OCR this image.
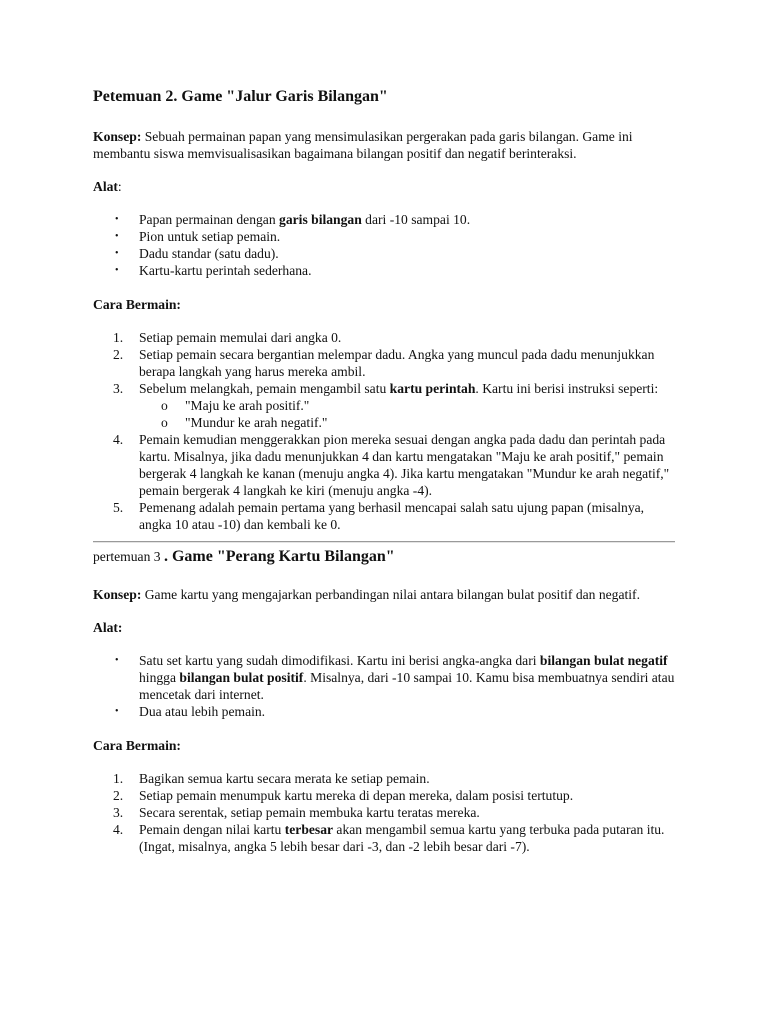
Petemuan 2. Game "Jalur Garis Bilangan"

Konsep: Sebuah permainan papan yang mensimulasikan pergerakan pada garis bilangan. Game ini membantu siswa memvisualisasikan bagaimana bilangan positif dan negatif berinteraksi.

Alat:

• Papan permainan dengan garis bilangan dari -10 sampai 10.
• Pion untuk setiap pemain.
• Dadu standar (satu dadu).
• Kartu-kartu perintah sederhana.

Cara Bermain:

1. Setiap pemain memulai dari angka 0.
2. Setiap pemain secara bergantian melempar dadu. Angka yang muncul pada dadu menunjukkan berapa langkah yang harus mereka ambil.
3. Sebelum melangkah, pemain mengambil satu kartu perintah. Kartu ini berisi instruksi seperti:
o "Maju ke arah positif."
o "Mundur ke arah negatif."
4. Pemain kemudian menggerakkan pion mereka sesuai dengan angka pada dadu dan perintah pada kartu. Misalnya, jika dadu menunjukkan 4 dan kartu mengatakan "Maju ke arah positif," pemain bergerak 4 langkah ke kanan (menuju angka 4). Jika kartu mengatakan "Mundur ke arah negatif," pemain bergerak 4 langkah ke kiri (menuju angka -4).
5. Pemenang adalah pemain pertama yang berhasil mencapai salah satu ujung papan (misalnya, angka 10 atau -10) dan kembali ke 0.
pertemuan 3 . Game "Perang Kartu Bilangan"

Konsep: Game kartu yang mengajarkan perbandingan nilai antara bilangan bulat positif dan negatif.

Alat:

• Satu set kartu yang sudah dimodifikasi. Kartu ini berisi angka-angka dari bilangan bulat negatif hingga bilangan bulat positif. Misalnya, dari -10 sampai 10. Kamu bisa membuatnya sendiri atau mencetak dari internet.
• Dua atau lebih pemain.

Cara Bermain:

1. Bagikan semua kartu secara merata ke setiap pemain.
2. Setiap pemain menumpuk kartu mereka di depan mereka, dalam posisi tertutup.
3. Secara serentak, setiap pemain membuka kartu teratas mereka.
4. Pemain dengan nilai kartu terbesar akan mengambil semua kartu yang terbuka pada putaran itu. (Ingat, misalnya, angka 5 lebih besar dari -3, dan -2 lebih besar dari -7).
